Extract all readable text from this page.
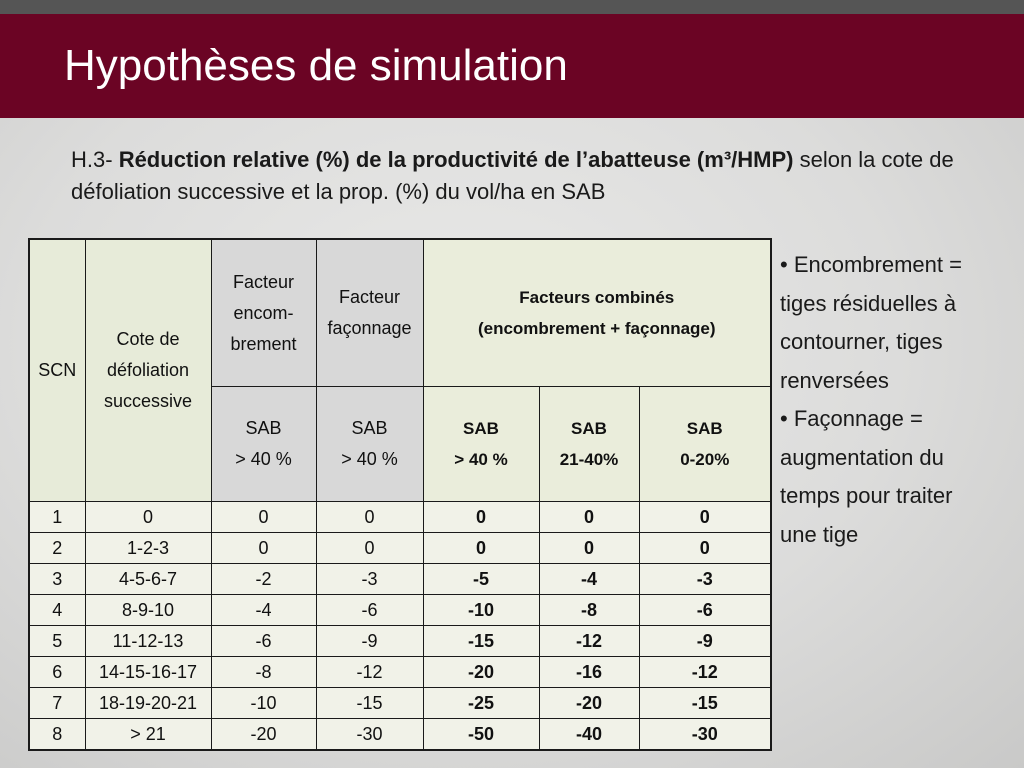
Hypothèses de simulation
H.3- Réduction relative (%) de la productivité de l’abatteuse (m³/HMP) selon la cote de défoliation successive et la prop. (%) du vol/ha en SAB
SCN	Cote de
défoliation
successive	Facteur
encom-
brement	Facteur
façonnage	Facteurs combinés
(encombrement + façonnage)		

		SAB
> 40 %	SAB
> 40 %	SAB
> 40 %	SAB
21-40%	SAB
0-20%

1	0	0	0	0	0	0
2	1-2-3	0	0	0	0	0
3	4-5-6-7	-2	-3	-5	-4	-3
4	8-9-10	-4	-6	-10	-8	-6
5	11-12-13	-6	-9	-15	-12	-9
6	14-15-16-17	-8	-12	-20	-16	-12
7	18-19-20-21	-10	-15	-25	-20	-15
8	> 21	-20	-30	-50	-40	-30
• Encombrement =
tiges résiduelles à
contourner, tiges
renversées
• Façonnage =
augmentation du
temps pour traiter
une tige
